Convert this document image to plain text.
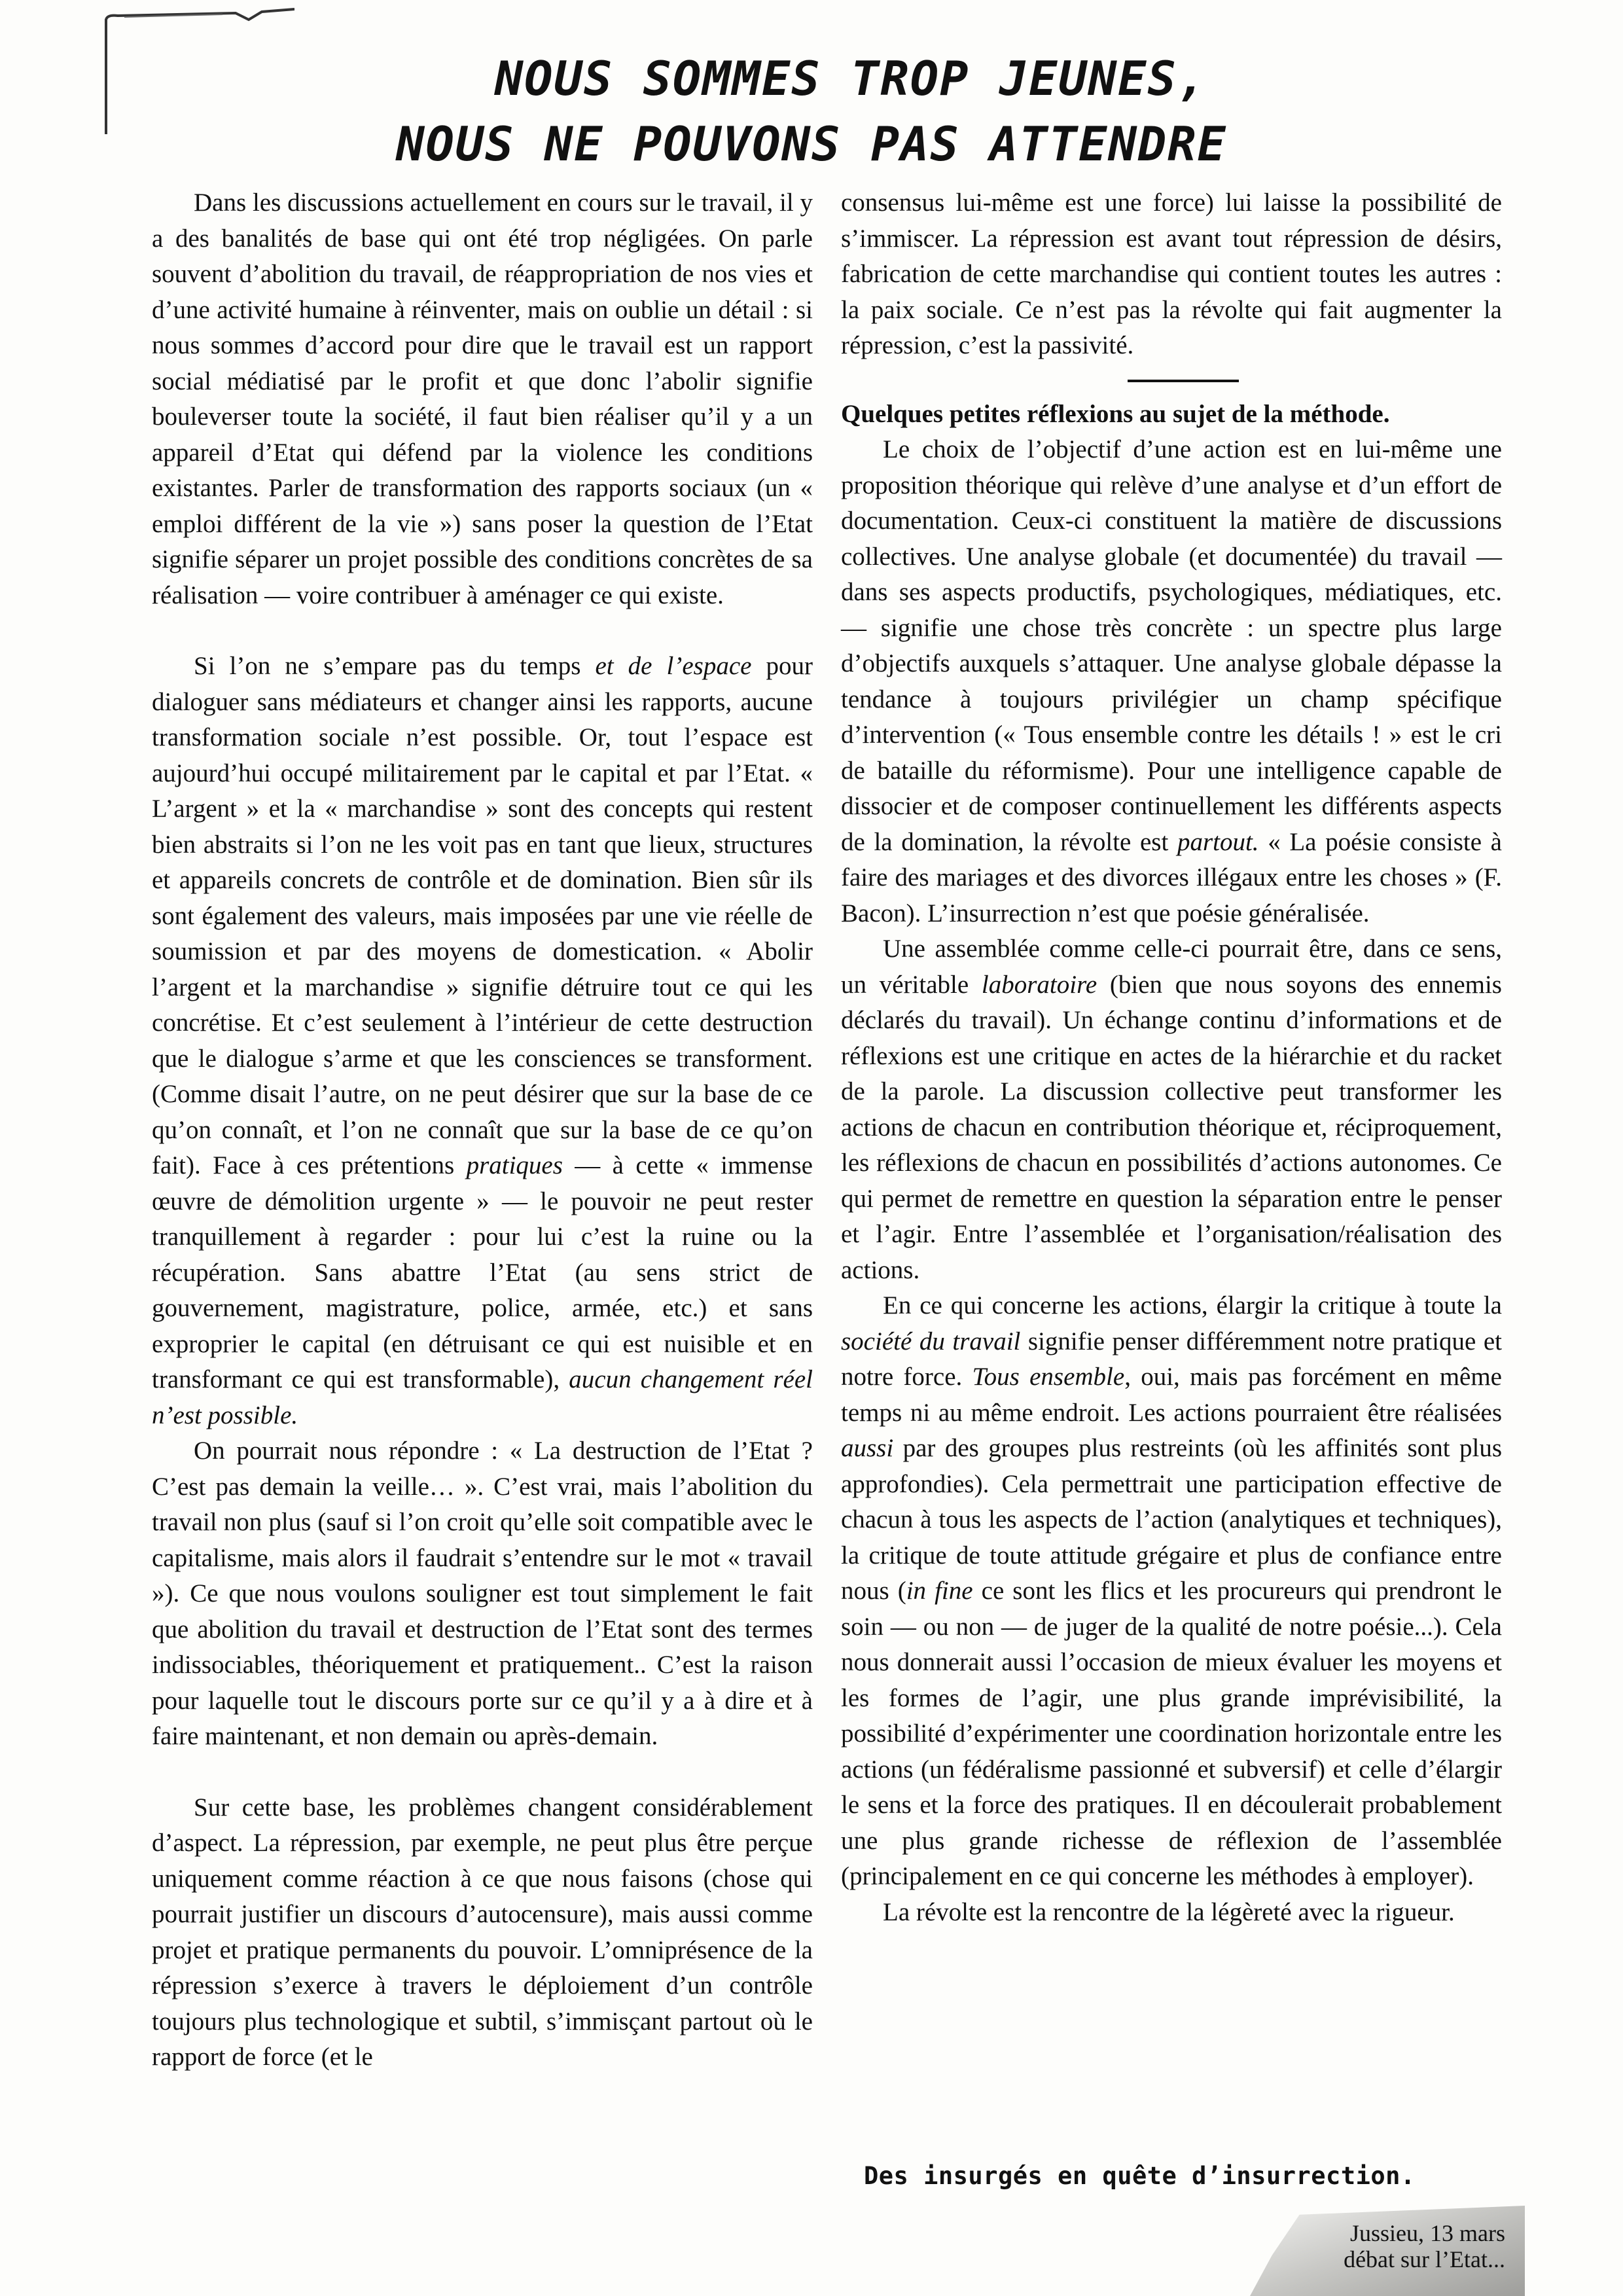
NOUS SOMMES TROP JEUNES,
NOUS NE POUVONS PAS ATTENDRE

Dans les discussions actuellement en cours sur le travail, il y a des banalités de base qui ont été trop négligées. On parle souvent d’abolition du travail, de réappropriation de nos vies et d’une activité humaine à réinventer, mais on oublie un détail : si nous sommes d’accord pour dire que le travail est un rapport social médiatisé par le profit et que donc l’abolir signifie bouleverser toute la société, il faut bien réaliser qu’il y a un appareil d’Etat qui défend par la violence les conditions existantes. Parler de transformation des rapports sociaux (un « emploi différent de la vie ») sans poser la question de l’Etat signifie séparer un projet possible des conditions concrètes de sa réalisation — voire contribuer à aménager ce qui existe.

Si l’on ne s’empare pas du temps et de l’espace pour dialoguer sans médiateurs et changer ainsi les rapports, aucune transformation sociale n’est possible. Or, tout l’espace est aujourd’hui occupé militairement par le capital et par l’Etat. « L’argent » et la « marchandise » sont des concepts qui restent bien abstraits si l’on ne les voit pas en tant que lieux, structures et appareils concrets de contrôle et de domination. Bien sûr ils sont également des valeurs, mais imposées par une vie réelle de soumission et par des moyens de domestication. « Abolir l’argent et la marchandise » signifie détruire tout ce qui les concrétise. Et c’est seulement à l’intérieur de cette destruction que le dialogue s’arme et que les consciences se transforment. (Comme disait l’autre, on ne peut désirer que sur la base de ce qu’on connaît, et l’on ne connaît que sur la base de ce qu’on fait). Face à ces prétentions pratiques — à cette « immense œuvre de démolition urgente » — le pouvoir ne peut rester tranquillement à regarder : pour lui c’est la ruine ou la récupération. Sans abattre l’Etat (au sens strict de gouvernement, magistrature, police, armée, etc.) et sans exproprier le capital (en détruisant ce qui est nuisible et en transformant ce qui est transformable), aucun changement réel n’est possible.

On pourrait nous répondre : « La destruction de l’Etat ? C’est pas demain la veille… ». C’est vrai, mais l’abolition du travail non plus (sauf si l’on croit qu’elle soit compatible avec le capitalisme, mais alors il faudrait s’entendre sur le mot « travail »). Ce que nous voulons souligner est tout simplement le fait que abolition du travail et destruction de l’Etat sont des termes indissociables, théoriquement et pratiquement.. C’est la raison pour laquelle tout le discours porte sur ce qu’il y a à dire et à faire maintenant, et non demain ou après-demain.

Sur cette base, les problèmes changent considérablement d’aspect. La répression, par exemple, ne peut plus être perçue uniquement comme réaction à ce que nous faisons (chose qui pourrait justifier un discours d’autocensure), mais aussi comme projet et pratique permanents du pouvoir. L’omniprésence de la répression s’exerce à travers le déploiement d’un contrôle toujours plus technologique et subtil, s’immisçant partout où le rapport de force (et le

consensus lui-même est une force) lui laisse la possibilité de s’immiscer. La répression est avant tout répression de désirs, fabrication de cette marchandise qui contient toutes les autres : la paix sociale. Ce n’est pas la révolte qui fait augmenter la répression, c’est la passivité.

Quelques petites réflexions au sujet de la méthode.

Le choix de l’objectif d’une action est en lui-même une proposition théorique qui relève d’une analyse et d’un effort de documentation. Ceux-ci constituent la matière de discussions collectives. Une analyse globale (et documentée) du travail — dans ses aspects productifs, psychologiques, médiatiques, etc. — signifie une chose très concrète : un spectre plus large d’objectifs auxquels s’attaquer. Une analyse globale dépasse la tendance à toujours privilégier un champ spécifique d’intervention (« Tous ensemble contre les détails ! » est le cri de bataille du réformisme). Pour une intelligence capable de dissocier et de composer continuellement les différents aspects de la domination, la révolte est partout. « La poésie consiste à faire des mariages et des divorces illégaux entre les choses » (F. Bacon). L’insurrection n’est que poésie généralisée.

Une assemblée comme celle-ci pourrait être, dans ce sens, un véritable laboratoire (bien que nous soyons des ennemis déclarés du travail). Un échange continu d’informations et de réflexions est une critique en actes de la hiérarchie et du racket de la parole. La discussion collective peut transformer les actions de chacun en contribution théorique et, réciproquement, les réflexions de chacun en possibilités d’actions autonomes. Ce qui permet de remettre en question la séparation entre le penser et l’agir. Entre l’assemblée et l’organisation/réalisation des actions.

En ce qui concerne les actions, élargir la critique à toute la société du travail signifie penser différemment notre pratique et notre force. Tous ensemble, oui, mais pas forcément en même temps ni au même endroit. Les actions pourraient être réalisées aussi par des groupes plus restreints (où les affinités sont plus approfondies). Cela permettrait une participation effective de chacun à tous les aspects de l’action (analytiques et techniques), la critique de toute attitude grégaire et plus de confiance entre nous (in fine ce sont les flics et les procureurs qui prendront le soin — ou non — de juger de la qualité de notre poésie...). Cela nous donnerait aussi l’occasion de mieux évaluer les moyens et les formes de l’agir, une plus grande imprévisibilité, la possibilité d’expérimenter une coordination horizontale entre les actions (un fédéralisme passionné et subversif) et celle d’élargir le sens et la force des pratiques. Il en découlerait probablement une plus grande richesse de réflexion de l’assemblée (principalement en ce qui concerne les méthodes à employer).

La révolte est la rencontre de la légèreté avec la rigueur.

Des insurgés en quête d’insurrection.
Jussieu, 13 mars
débat sur l’Etat...
